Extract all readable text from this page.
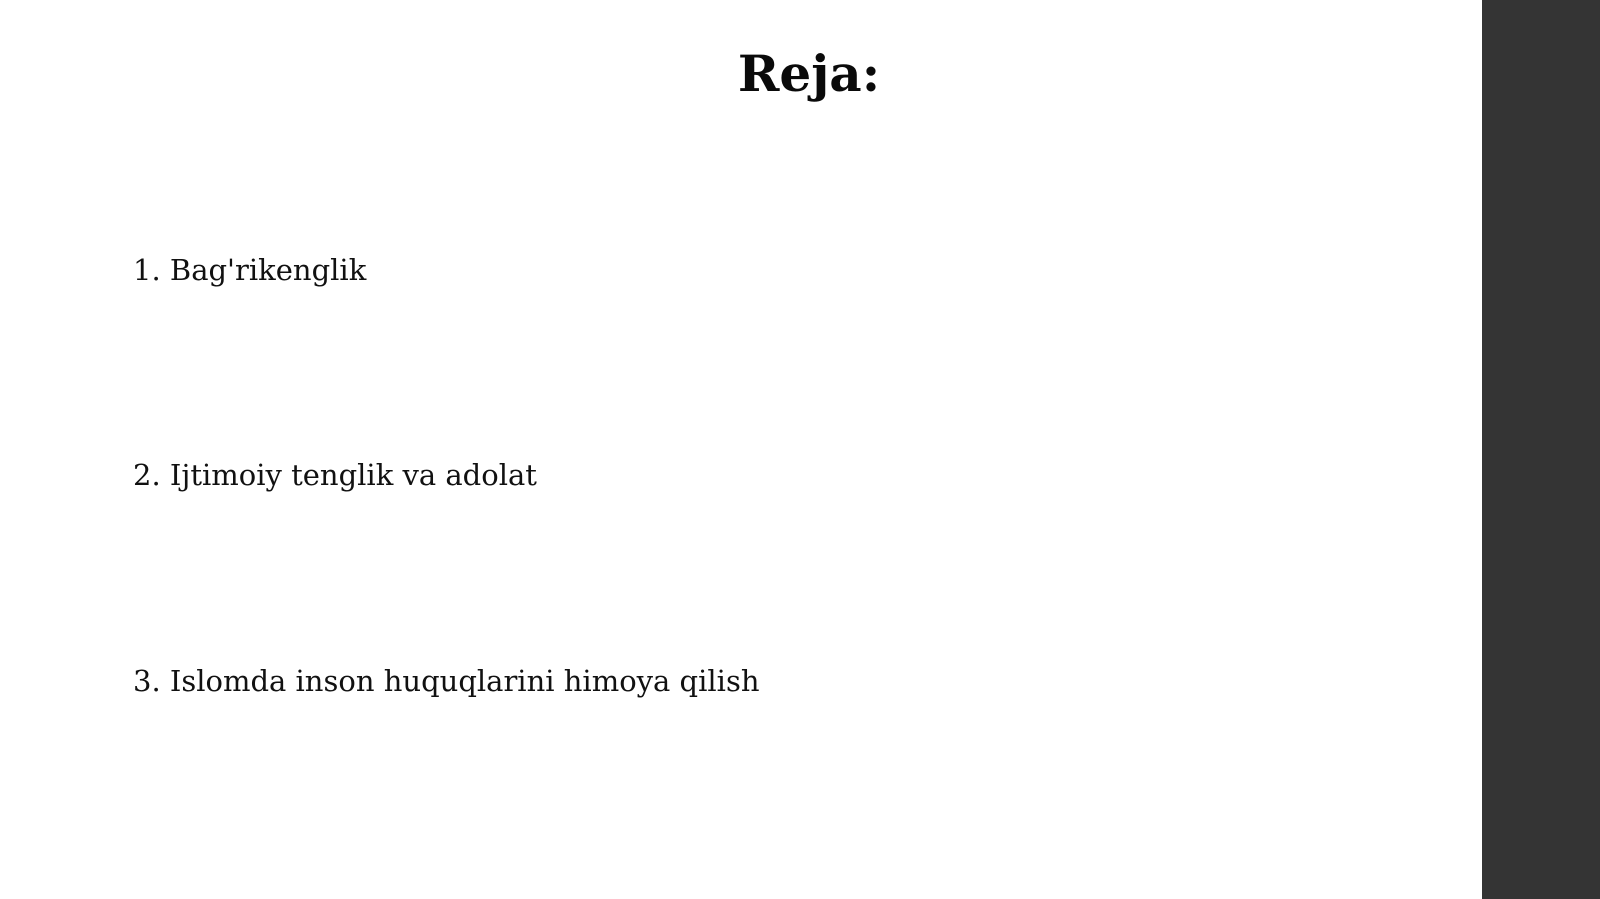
Reja:
1. Bag'rikenglik
2. Ijtimoiy tenglik va adolat
3. Islomda inson huquqlarini himoya qilish
